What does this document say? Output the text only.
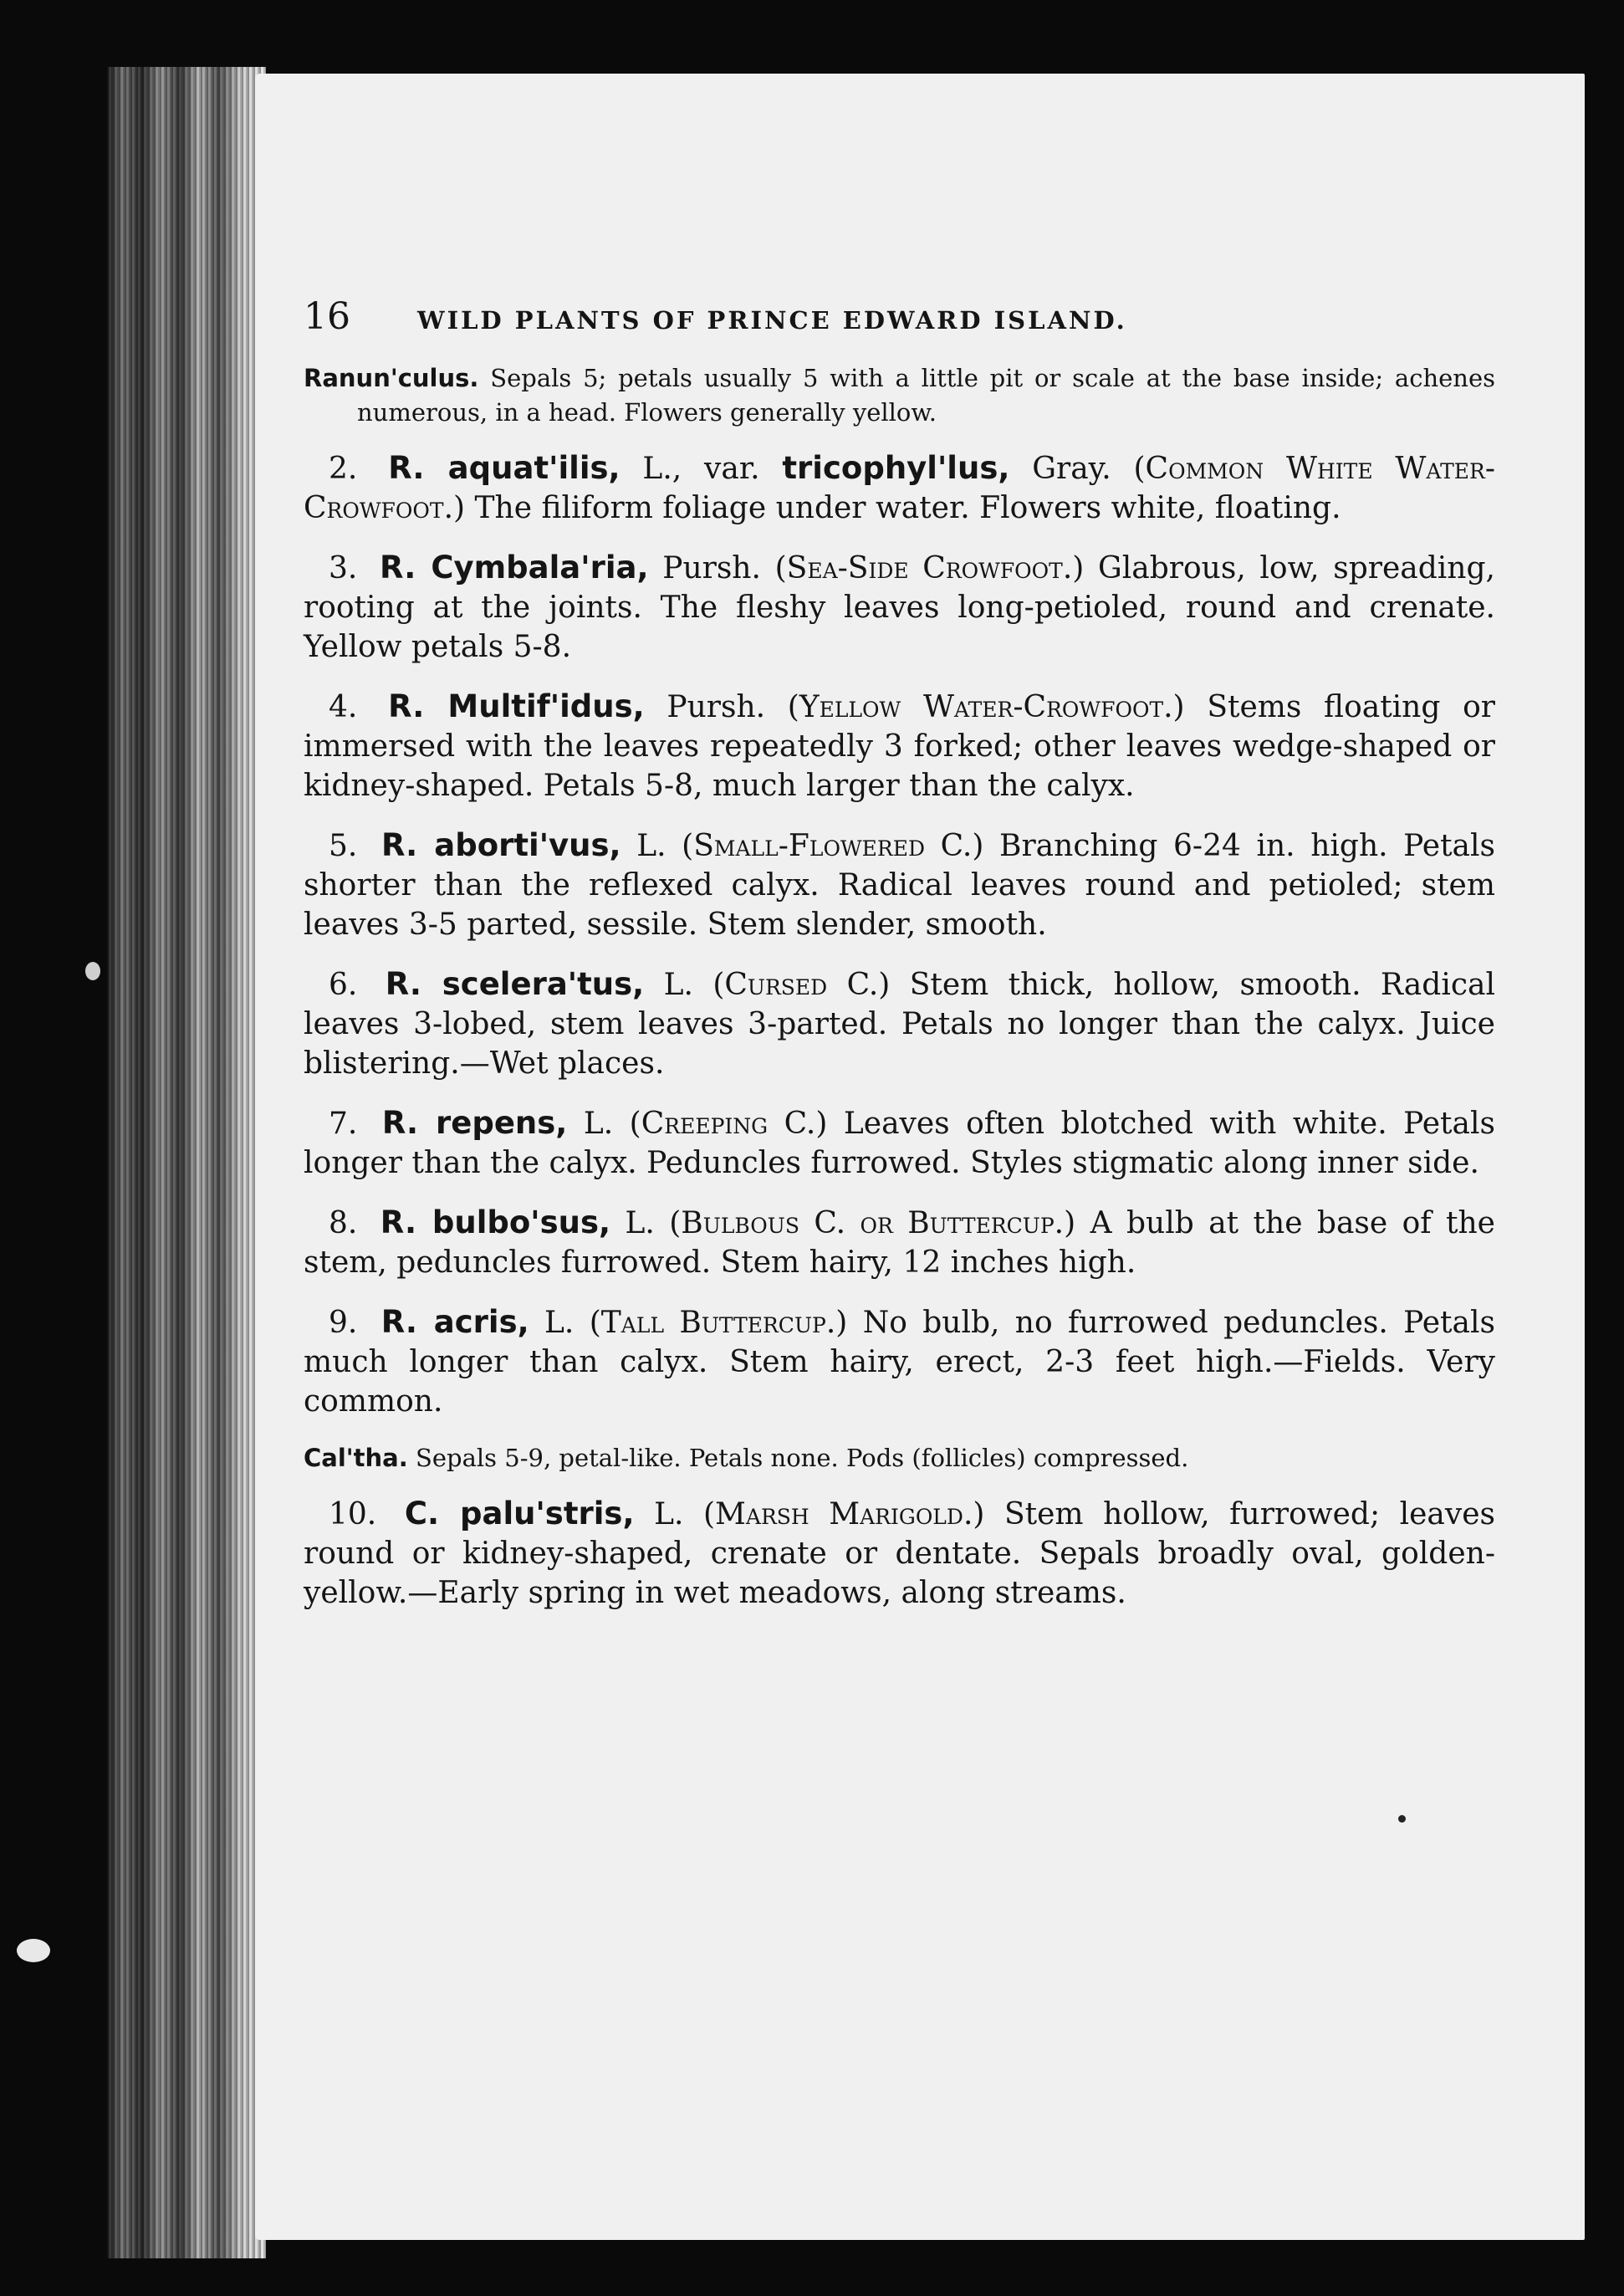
16	WILD PLANTS OF PRINCE EDWARD ISLAND.

Ranun'culus. Sepals 5; petals usually 5 with a little pit or scale at the base inside; achenes numerous, in a head. Flowers generally yellow.

2. R. aquat'ilis, L., var. tricophyl'lus, Gray. (Common White Water-Crowfoot.) The filiform foliage under water. Flowers white, floating.

3. R. Cymbala'ria, Pursh. (Sea-Side Crowfoot.) Glabrous, low, spreading, rooting at the joints. The fleshy leaves long-petioled, round and crenate. Yellow petals 5-8.

4. R. Multif'idus, Pursh. (Yellow Water-Crowfoot.) Stems floating or immersed with the leaves repeatedly 3 forked; other leaves wedge-shaped or kidney-shaped. Petals 5-8, much larger than the calyx.

5. R. aborti'vus, L. (Small-Flowered C.) Branching 6-24 in. high. Petals shorter than the reflexed calyx. Radical leaves round and petioled; stem leaves 3-5 parted, sessile. Stem slender, smooth.

6. R. scelera'tus, L. (Cursed C.) Stem thick, hollow, smooth. Radical leaves 3-lobed, stem leaves 3-parted. Petals no longer than the calyx. Juice blistering.—Wet places.

7. R. repens, L. (Creeping C.) Leaves often blotched with white. Petals longer than the calyx. Peduncles furrowed. Styles stigmatic along inner side.

8. R. bulbo'sus, L. (Bulbous C. or Buttercup.) A bulb at the base of the stem, peduncles furrowed. Stem hairy, 12 inches high.

9. R. acris, L. (Tall Buttercup.) No bulb, no furrowed peduncles. Petals much longer than calyx. Stem hairy, erect, 2-3 feet high.—Fields. Very common.

Cal'tha. Sepals 5-9, petal-like. Petals none. Pods (follicles) compressed.

10. C. palu'stris, L. (Marsh Marigold.) Stem hollow, furrowed; leaves round or kidney-shaped, crenate or dentate. Sepals broadly oval, golden-yellow.—Early spring in wet meadows, along streams.
